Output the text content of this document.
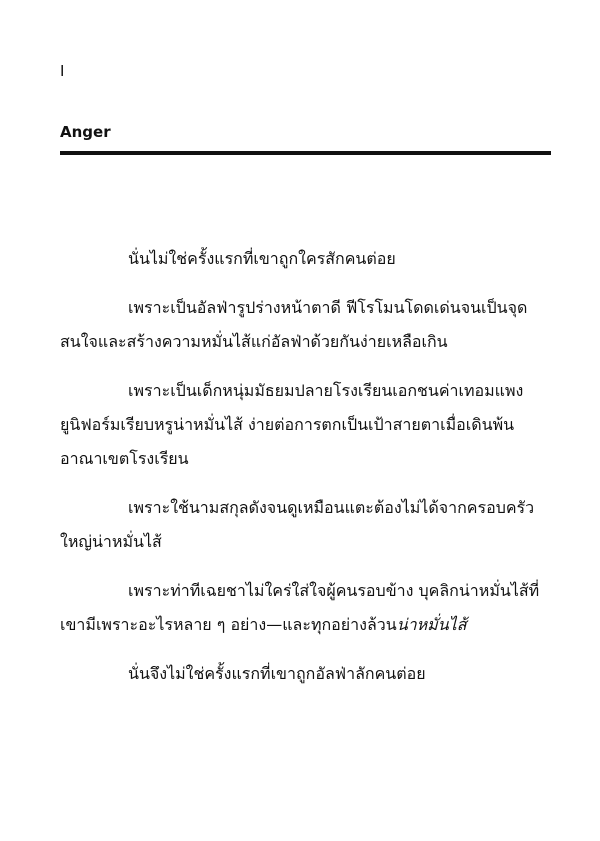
I
Anger

นั่นไม่ใช่ครั้งแรกที่เขาถูกใครสักคนต่อย

เพราะเป็นอัลฟ่ารูปร่างหน้าตาดี ฟีโรโมนโดดเด่นจนเป็นจุดสนใจและสร้างความหมั่นไส้แก่อัลฟ่าด้วยกันง่ายเหลือเกิน

เพราะเป็นเด็กหนุ่มมัธยมปลายโรงเรียนเอกชนค่าเทอมแพงยูนิฟอร์มเรียบหรูน่าหมั่นไส้ ง่ายต่อการตกเป็นเป้าสายตาเมื่อเดินพ้นอาณาเขตโรงเรียน

เพราะใช้นามสกุลดังจนดูเหมือนแตะต้องไม่ได้จากครอบครัวใหญ่น่าหมั่นไส้

เพราะท่าทีเฉยชาไม่ใคร่ใส่ใจผู้คนรอบข้าง บุคลิกน่าหมั่นไส้ที่เขามีเพราะอะไรหลาย ๆ อย่าง—และทุกอย่างล้วนน่าหมั่นไส้

นั่นจึงไม่ใช่ครั้งแรกที่เขาถูกอัลฟ่าลักคนต่อย
